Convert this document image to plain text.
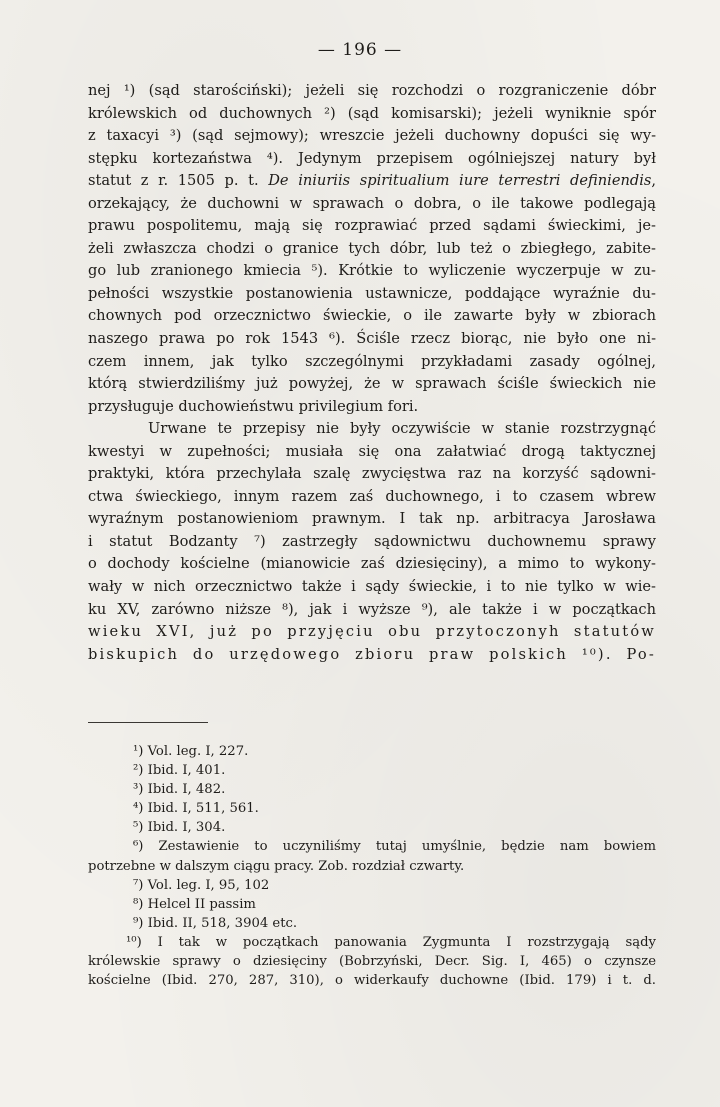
— 196 —
nej ¹) (sąd starościński); jeżeli się rozchodzi o rozgraniczenie dóbr
królewskich od duchownych ²) (sąd komisarski); jeżeli wyniknie spór
z taxacyi ³) (sąd sejmowy); wreszcie jeżeli duchowny dopuści się wy-
stępku kortezaństwa ⁴). Jedynym przepisem ogólniejszej natury był
statut z r. 1505 p. t. De iniuriis spiritualium iure terrestri definiendis,
orzekający, że duchowni w sprawach o dobra, o ile takowe podlegają
prawu pospolitemu, mają się rozprawiać przed sądami świeckimi, je-
żeli zwłaszcza chodzi o granice tych dóbr, lub też o zbiegłego, zabite-
go lub zranionego kmiecia ⁵). Krótkie to wyliczenie wyczerpuje w zu-
pełności wszystkie postanowienia ustawnicze, poddające wyraźnie du-
chownych pod orzecznictwo świeckie, o ile zawarte były w zbiorach
naszego prawa po rok 1543 ⁶). Ściśle rzecz biorąc, nie było one ni-
czem innem, jak tylko szczególnymi przykładami zasady ogólnej,
którą stwierdziliśmy już powyżej, że w sprawach ściśle świeckich nie
przysługuje duchowieństwu privilegium fori.
Urwane te przepisy nie były oczywiście w stanie rozstrzygnąć
kwestyi w zupełności; musiała się ona załatwiać drogą taktycznej
praktyki, która przechylała szalę zwycięstwa raz na korzyść sądowni-
ctwa świeckiego, innym razem zaś duchownego, i to czasem wbrew
wyraźnym postanowieniom prawnym. I tak np. arbitracya Jarosława
i statut Bodzanty ⁷) zastrzegły sądownictwu duchownemu sprawy
o dochody kościelne (mianowicie zaś dziesięciny), a mimo to wykony-
wały w nich orzecznictwo także i sądy świeckie, i to nie tylko w wie-
ku XV, zarówno niższe ⁸), jak i wyższe ⁹), ale także i w początkach
wieku XVI, już po przyjęciu obu przytoczonyh statutów
biskupich do urzędowego zbioru praw polskich ¹⁰). Po-
¹) Vol. leg. I, 227.
²) Ibid. I, 401.
³) Ibid. I, 482.
⁴) Ibid. I, 511, 561.
⁵) Ibid. I, 304.
⁶) Zestawienie to uczyniliśmy tutaj umyślnie, będzie nam bowiem
potrzebne w dalszym ciągu pracy. Zob. rozdział czwarty.
⁷) Vol. leg. I, 95, 102
⁸) Helcel II passim
⁹) Ibid. II, 518, 3904 etc.
¹⁰) I tak w początkach panowania Zygmunta I rozstrzygają sądy
królewskie sprawy o dziesięciny (Bobrzyński, Decr. Sig. I, 465) o czynsze
kościelne (Ibid. 270, 287, 310), o widerkaufy duchowne (Ibid. 179) i t. d.
